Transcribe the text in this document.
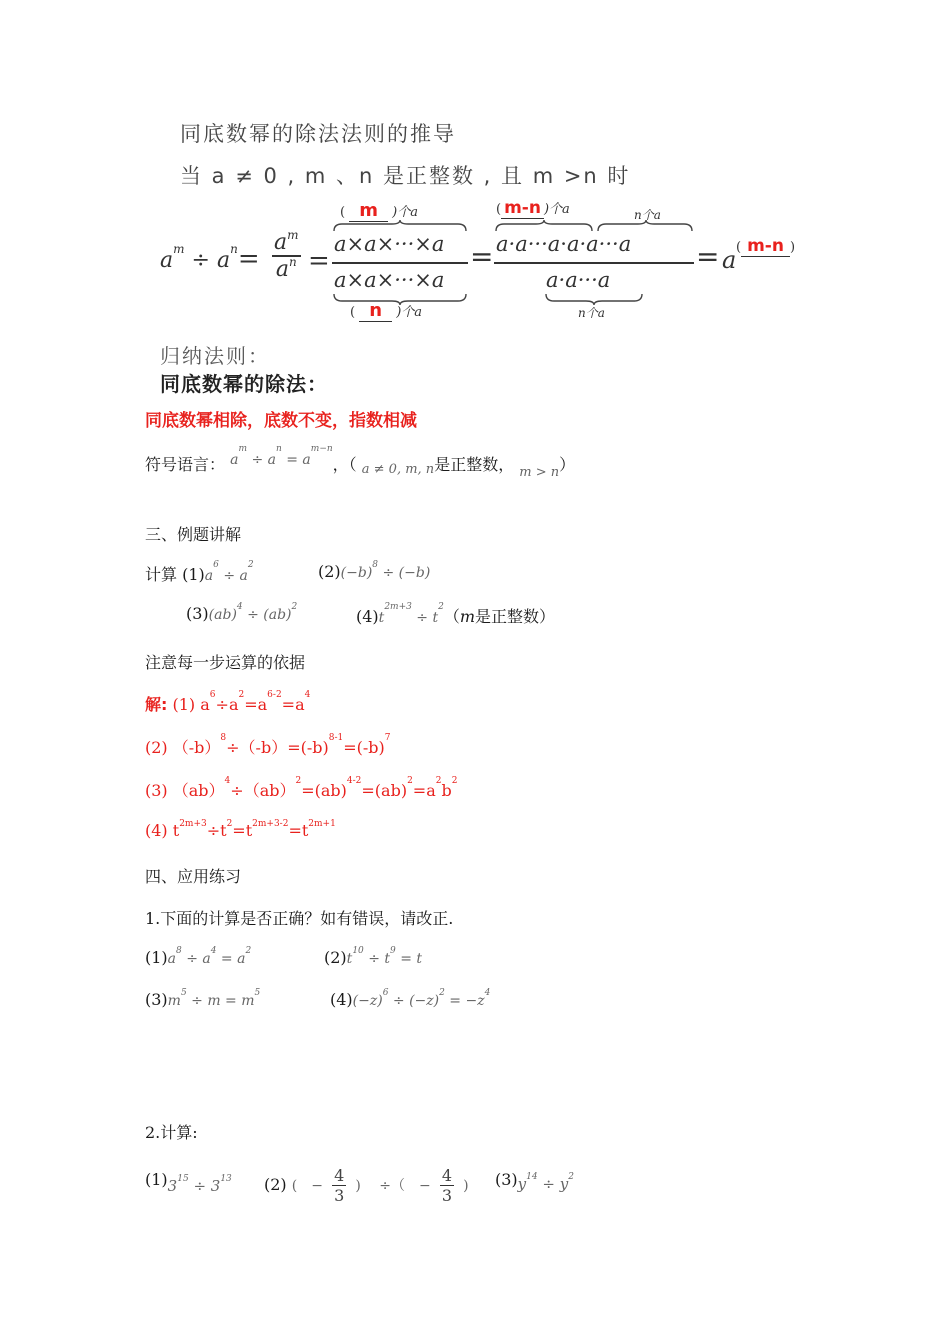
同底数幂的除法法则的推导
当 a ≠ 0 , m 、n 是正整数 , 且 m >n 时
$a^m \div a^n=$
$a^m$
$a^n$ =
( m )个a
a×a×···×a
a×a×···×a
( n )个a
=
( m-n )个a	n个a
a·a···a·a·a···a
a·a···a
n个a
= a ( m-n )
归纳法则：
同底数幂的除法：
同底数幂相除，底数不变，指数相减
符号语言： $a^m \div a^n = a^{m-n}$，（ a ≠ 0, m, n是正整数， $_{m > n}$）
三、例题讲解
计算 $(1)a^6 \div a^2$	$(2)(-b)^8 \div (-b)$
(3)(ab)$^4$ ÷ (ab)$^2$	$(4)t^{2m+3} \div t^2(m$是正整数）
注意每一步运算的依据
解: (1) $a^6\div a^2=a^{6-2}=a^4$
(2) $(-b)^8\div(-b)=(-b)^{8-1}=(-b)^7$
(3) $(ab)^4\div(ab)^2=(ab)^{4-2}=(ab)^2=a^2b^2$
(4) $t^{2m+3}\div t^2=t^{2m+3-2}=t^{2m+1}$
四、应用练习
1.下面的计算是否正确？如有错误，请改正.
$(1)a^8 \div a^4 = a^2$	$(2)t^{10} \div t^9 = t$
$(3)m^5 \div m = m^5$	$(4)(-z)^6 \div (-z)^2 = -z^4$
2.计算:
$(1)3^{15} \div 3^{13}$ (2) (　− $\frac{4}{3}$ )　 ÷（　− $\frac{4}{3}$ ) $(3)y^{14} \div y^2$
